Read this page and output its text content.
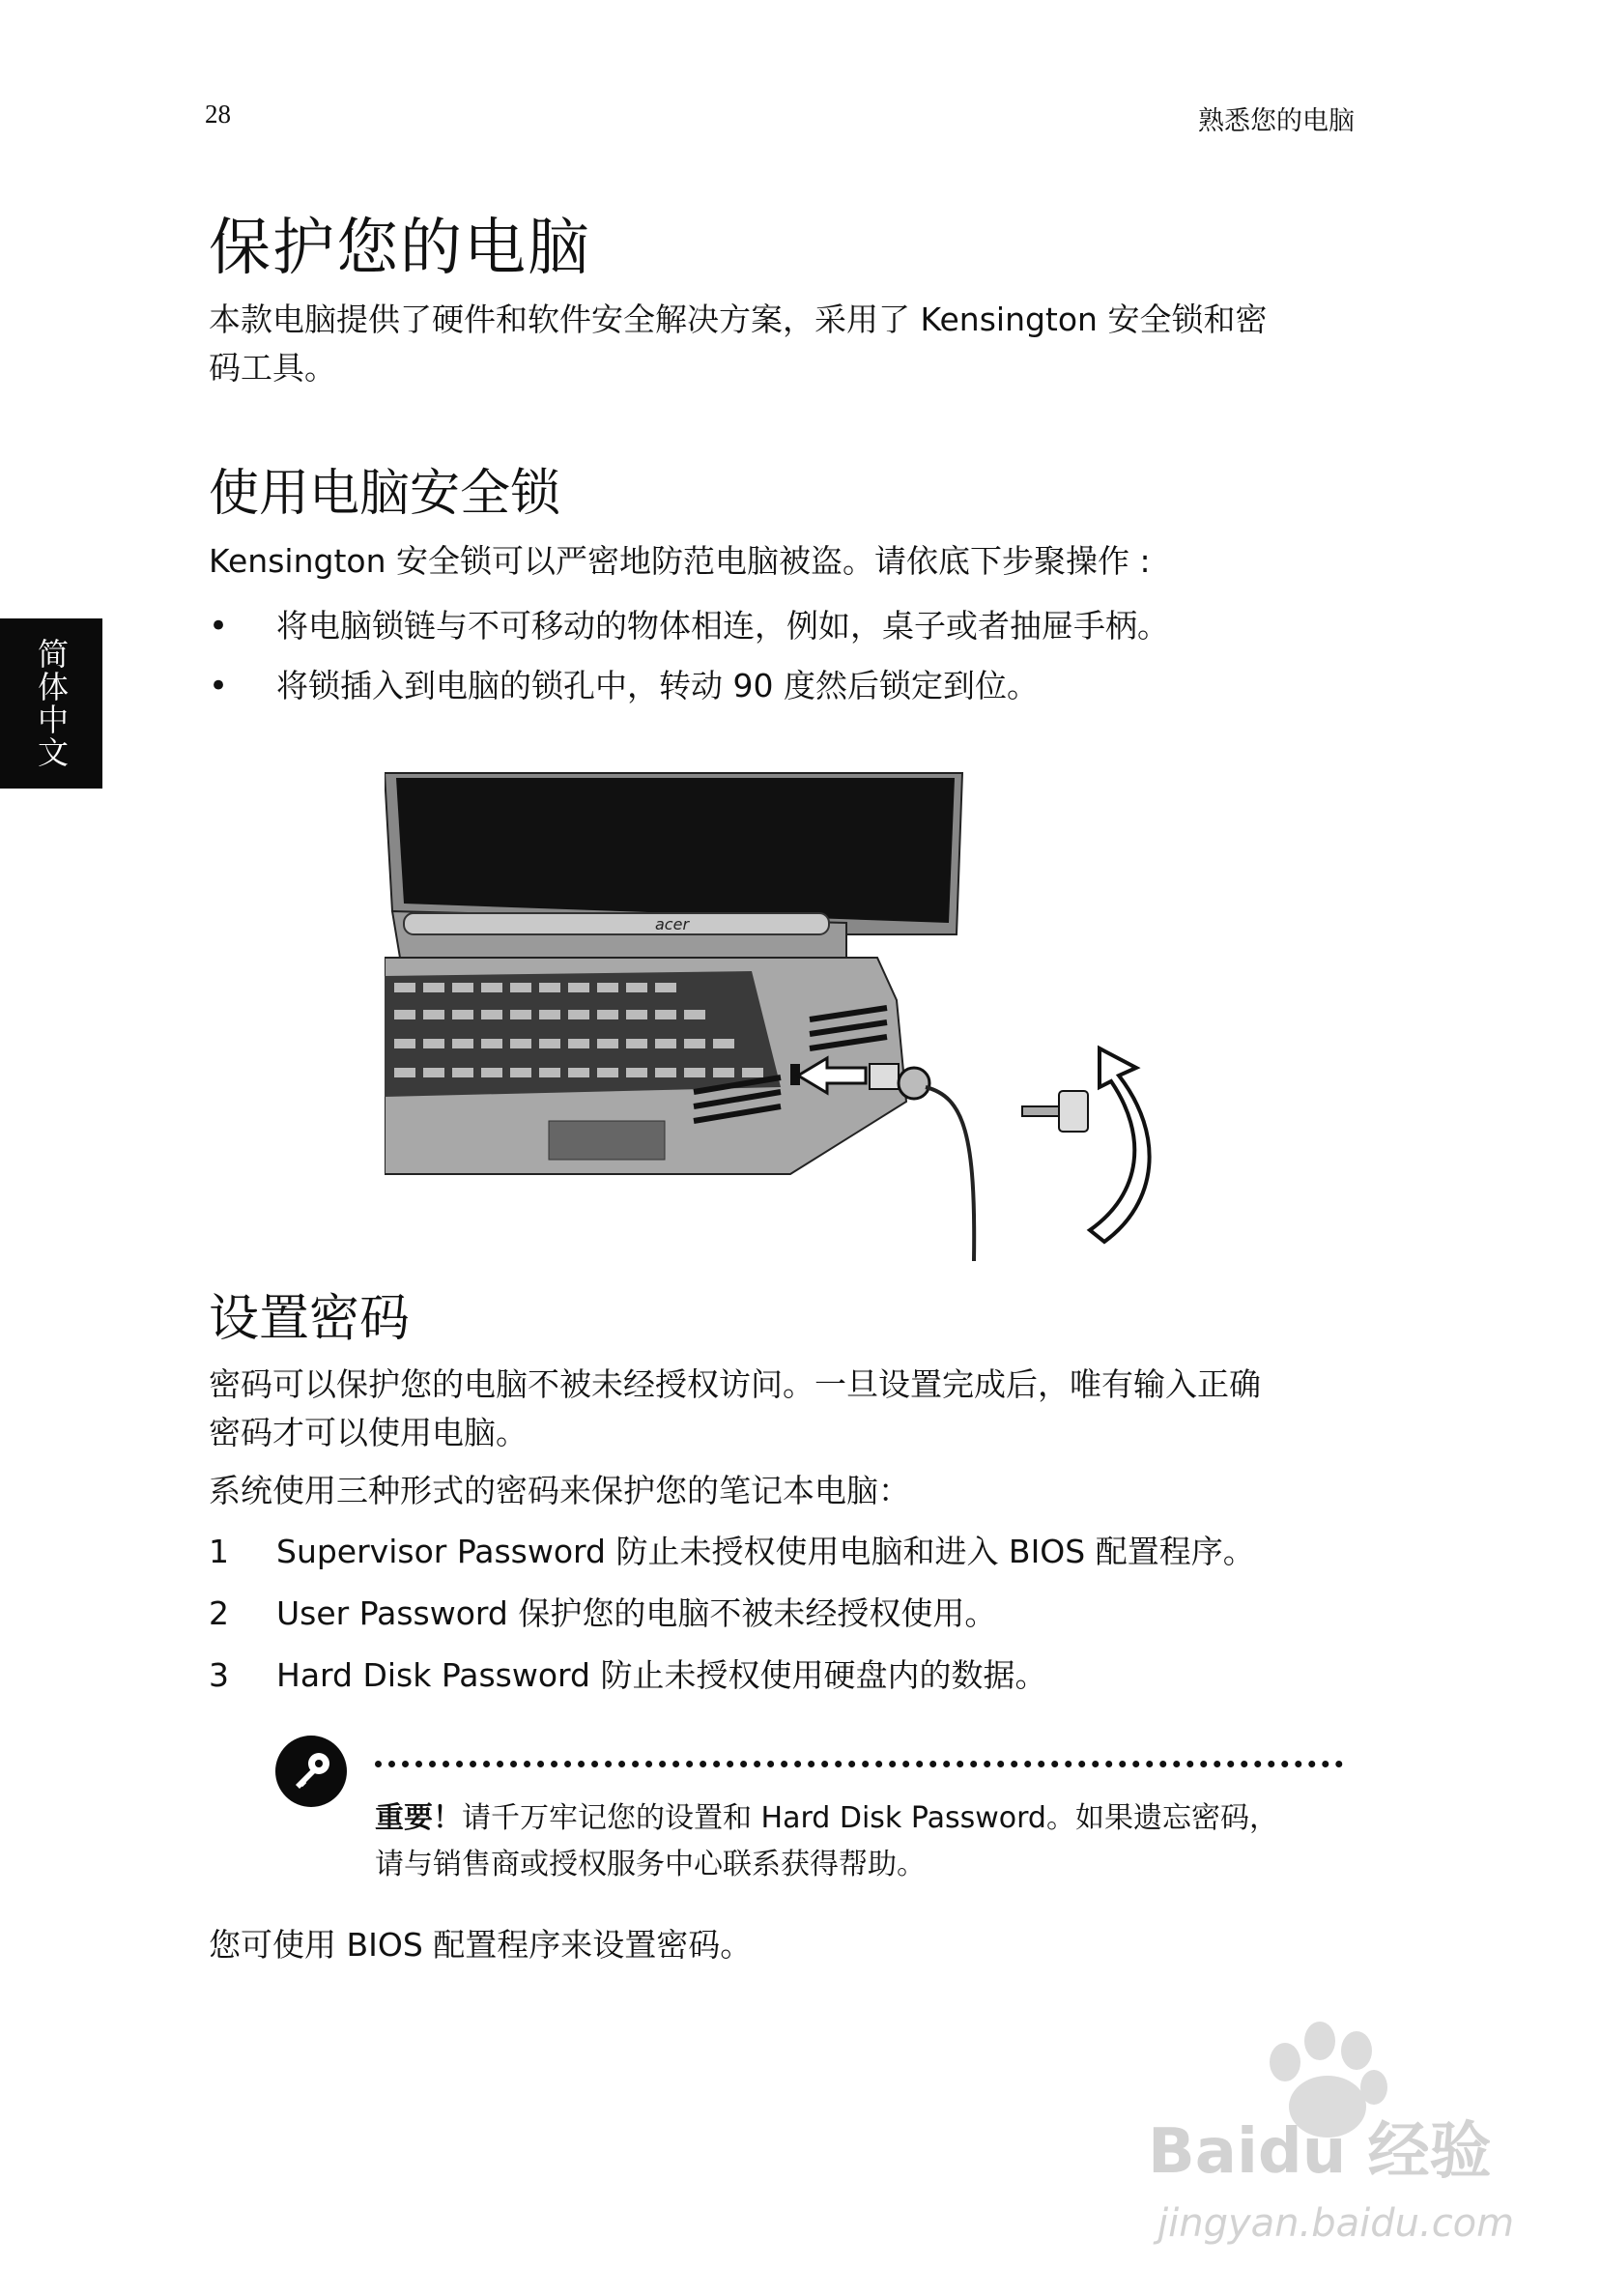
28	熟悉您的电脑
简体中文
保护您的电脑
本款电脑提供了硬件和软件安全解决方案，采用了 Kensington 安全锁和密
码工具。
使用电脑安全锁
Kensington 安全锁可以严密地防范电脑被盗。请依底下步聚操作 :
• 将电脑锁链与不可移动的物体相连，例如，桌子或者抽屉手柄。
• 将锁插入到电脑的锁孔中，转动 90 度然后锁定到位。
acer
设置密码
密码可以保护您的电脑不被未经授权访问。一旦设置完成后，唯有输入正确
密码才可以使用电脑。
系统使用三种形式的密码来保护您的笔记本电脑：
1 Supervisor Password 防止未授权使用电脑和进入 BIOS 配置程序。
2 User Password 保护您的电脑不被未经授权使用。
3 Hard Disk Password 防止未授权使用硬盘内的数据。
重要！请千万牢记您的设置和 Hard Disk Password。如果遗忘密码，
请与销售商或授权服务中心联系获得帮助。
您可使用 BIOS 配置程序来设置密码。
Baidu 经验
jingyan.baidu.com
